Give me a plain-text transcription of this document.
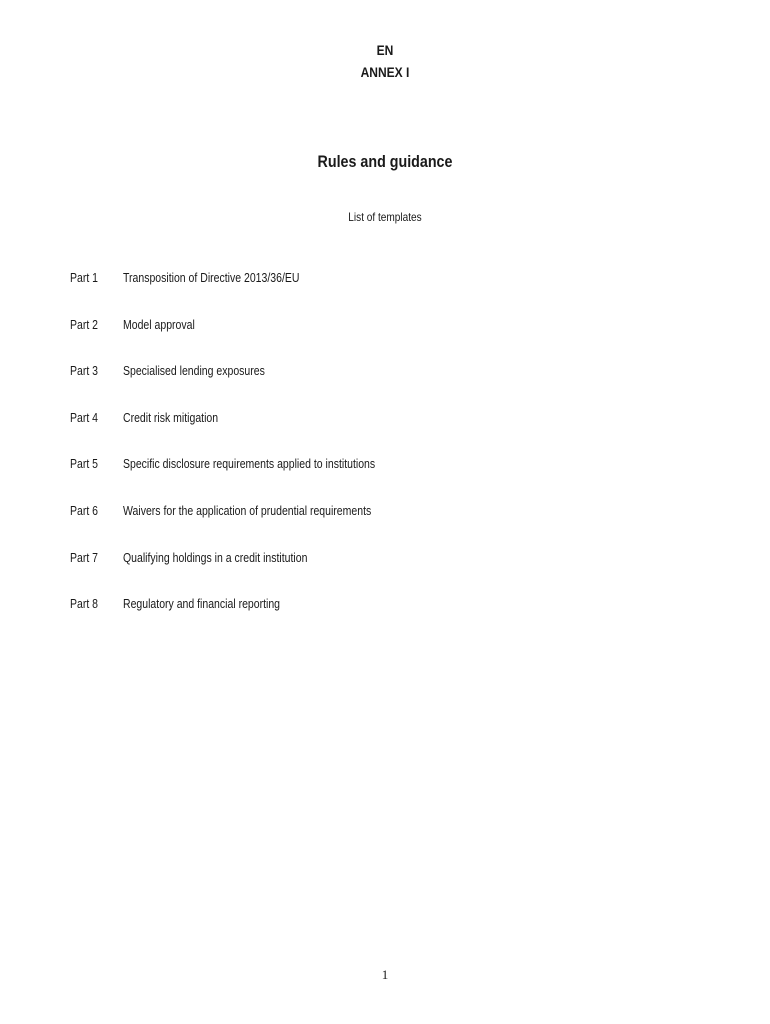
EN
ANNEX I
Rules and guidance
List of templates
Part 1	Transposition of Directive 2013/36/EU
Part 2	Model approval
Part 3	Specialised lending exposures
Part 4	Credit risk mitigation
Part 5	Specific disclosure requirements applied to institutions
Part 6	Waivers for the application of prudential requirements
Part 7	Qualifying holdings in a credit institution
Part 8	Regulatory and financial reporting
1
